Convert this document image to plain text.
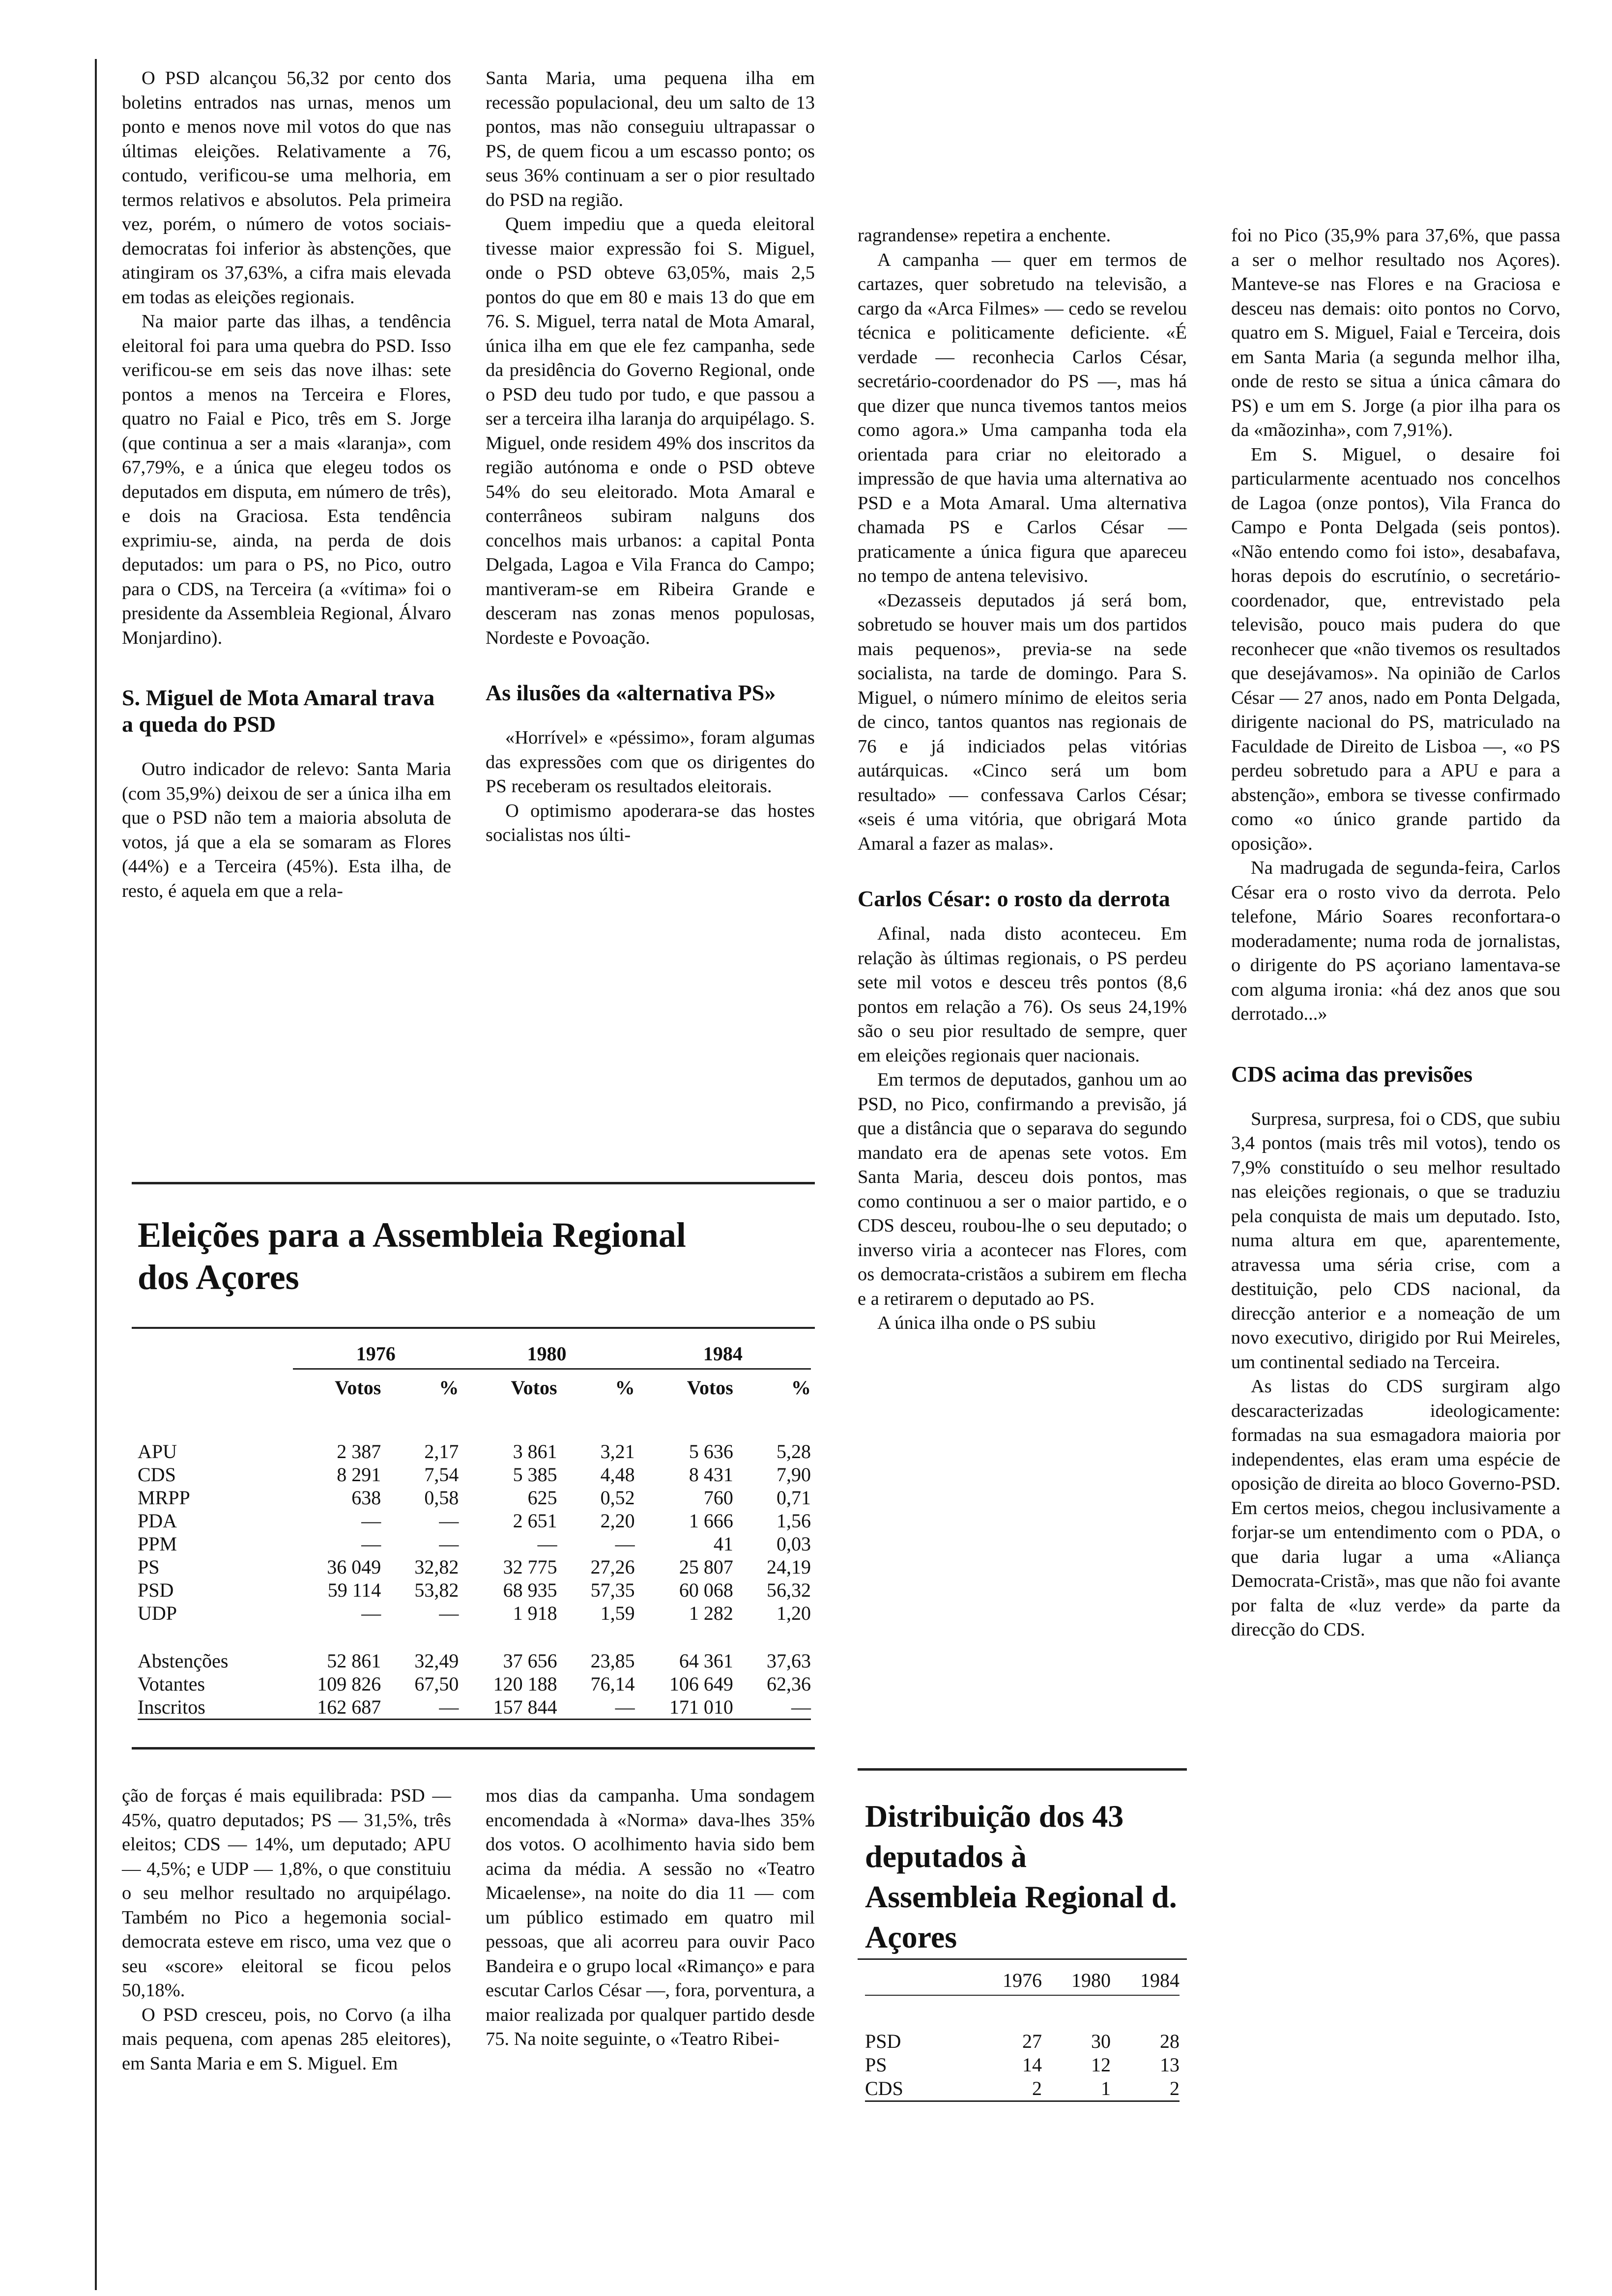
O PSD alcançou 56,32 por cento dos boletins entrados nas urnas, menos um ponto e menos nove mil votos do que nas últimas eleições. Relativamente a 76, contudo, verificou-se uma melhoria, em termos relativos e absolutos. Pela primeira vez, porém, o número de votos sociais-democratas foi inferior às abstenções, que atingiram os 37,63%, a cifra mais elevada em todas as eleições regionais.

Na maior parte das ilhas, a tendência eleitoral foi para uma quebra do PSD. Isso verificou-se em seis das nove ilhas: sete pontos a menos na Terceira e Flores, quatro no Faial e Pico, três em S. Jorge (que continua a ser a mais «laranja», com 67,79%, e a única que elegeu todos os deputados em disputa, em número de três), e dois na Graciosa. Esta tendência exprimiu-se, ainda, na perda de dois deputados: um para o PS, no Pico, outro para o CDS, na Terceira (a «vítima» foi o presidente da Assembleia Regional, Álvaro Monjardino).

S. Miguel de Mota Amaral trava a queda do PSD

Outro indicador de relevo: Santa Maria (com 35,9%) deixou de ser a única ilha em que o PSD não tem a maioria absoluta de votos, já que a ela se somaram as Flores (44%) e a Terceira (45%). Esta ilha, de resto, é aquela em que a rela-

Santa Maria, uma pequena ilha em recessão populacional, deu um salto de 13 pontos, mas não conseguiu ultrapassar o PS, de quem ficou a um escasso ponto; os seus 36% continuam a ser o pior resultado do PSD na região.

Quem impediu que a queda eleitoral tivesse maior expressão foi S. Miguel, onde o PSD obteve 63,05%, mais 2,5 pontos do que em 80 e mais 13 do que em 76. S. Miguel, terra natal de Mota Amaral, única ilha em que ele fez campanha, sede da presidência do Governo Regional, onde o PSD deu tudo por tudo, e que passou a ser a terceira ilha laranja do arquipélago. S. Miguel, onde residem 49% dos inscritos da região autónoma e onde o PSD obteve 54% do seu eleitorado. Mota Amaral e conterrâneos subiram nalguns dos concelhos mais urbanos: a capital Ponta Delgada, Lagoa e Vila Franca do Campo; mantiveram-se em Ribeira Grande e desceram nas zonas menos populosas, Nordeste e Povoação.

As ilusões da «alternativa PS»

«Horrível» e «péssimo», foram algumas das expressões com que os dirigentes do PS receberam os resultados eleitorais.

O optimismo apoderara-se das hostes socialistas nos últi-

Eleições para a Assembleia Regional dos Açores
	1976		1980		1984	
	Votos	%	Votos	%	Votos	%

APU	2 387	2,17	3 861	3,21	5 636	5,28
CDS	8 291	7,54	5 385	4,48	8 431	7,90
MRPP	638	0,58	625	0,52	760	0,71
PDA	—	—	2 651	2,20	1 666	1,56
PPM	—	—	—	—	41	0,03
PS	36 049	32,82	32 775	27,26	25 807	24,19
PSD	59 114	53,82	68 935	57,35	60 068	56,32
UDP	—	—	1 918	1,59	1 282	1,20

Abstenções	52 861	32,49	37 656	23,85	64 361	37,63
Votantes	109 826	67,50	120 188	76,14	106 649	62,36
Inscritos	162 687	—	157 844	—	171 010	—

ção de forças é mais equilibrada: PSD — 45%, quatro deputados; PS — 31,5%, três eleitos; CDS — 14%, um deputado; APU — 4,5%; e UDP — 1,8%, o que constituiu o seu melhor resultado no arquipélago. Também no Pico a hegemonia social-democrata esteve em risco, uma vez que o seu «score» eleitoral se ficou pelos 50,18%.

O PSD cresceu, pois, no Corvo (a ilha mais pequena, com apenas 285 eleitores), em Santa Maria e em S. Miguel. Em

mos dias da campanha. Uma sondagem encomendada à «Norma» dava-lhes 35% dos votos. O acolhimento havia sido bem acima da média. A sessão no «Teatro Micaelense», na noite do dia 11 — com um público estimado em quatro mil pessoas, que ali acorreu para ouvir Paco Bandeira e o grupo local «Rimanço» e para escutar Carlos César —, fora, porventura, a maior realizada por qualquer partido desde 75. Na noite seguinte, o «Teatro Ribei-

ragrandense» repetira a enchente.

A campanha — quer em termos de cartazes, quer sobretudo na televisão, a cargo da «Arca Filmes» — cedo se revelou técnica e politicamente deficiente. «É verdade — reconhecia Carlos César, secretário-coordenador do PS —, mas há que dizer que nunca tivemos tantos meios como agora.» Uma campanha toda ela orientada para criar no eleitorado a impressão de que havia uma alternativa ao PSD e a Mota Amaral. Uma alternativa chamada PS e Carlos César — praticamente a única figura que apareceu no tempo de antena televisivo.

«Dezasseis deputados já será bom, sobretudo se houver mais um dos partidos mais pequenos», previa-se na sede socialista, na tarde de domingo. Para S. Miguel, o número mínimo de eleitos seria de cinco, tantos quantos nas regionais de 76 e já indiciados pelas vitórias autárquicas. «Cinco será um bom resultado» — confessava Carlos César; «seis é uma vitória, que obrigará Mota Amaral a fazer as malas».

Carlos César: o rosto da derrota

Afinal, nada disto aconteceu. Em relação às últimas regionais, o PS perdeu sete mil votos e desceu três pontos (8,6 pontos em relação a 76). Os seus 24,19% são o seu pior resultado de sempre, quer em eleições regionais quer nacionais.

Em termos de deputados, ganhou um ao PSD, no Pico, confirmando a previsão, já que a distância que o separava do segundo mandato era de apenas sete votos. Em Santa Maria, desceu dois pontos, mas como continuou a ser o maior partido, e o CDS desceu, roubou-lhe o seu deputado; o inverso viria a acontecer nas Flores, com os democrata-cristãos a subirem em flecha e a retirarem o deputado ao PS.

A única ilha onde o PS subiu

Distribuição dos 43 deputados à Assembleia Regional d. Açores
	1976	1980	1984

PSD	27	30	28
PS	14	12	13
CDS	2	1	2

foi no Pico (35,9% para 37,6%, que passa a ser o melhor resultado nos Açores). Manteve-se nas Flores e na Graciosa e desceu nas demais: oito pontos no Corvo, quatro em S. Miguel, Faial e Terceira, dois em Santa Maria (a segunda melhor ilha, onde de resto se situa a única câmara do PS) e um em S. Jorge (a pior ilha para os da «mãozinha», com 7,91%).

Em S. Miguel, o desaire foi particularmente acentuado nos concelhos de Lagoa (onze pontos), Vila Franca do Campo e Ponta Delgada (seis pontos). «Não entendo como foi isto», desabafava, horas depois do escrutínio, o secretário-coordenador, que, entrevistado pela televisão, pouco mais pudera do que reconhecer que «não tivemos os resultados que desejávamos». Na opinião de Carlos César — 27 anos, nado em Ponta Delgada, dirigente nacional do PS, matriculado na Faculdade de Direito de Lisboa —, «o PS perdeu sobretudo para a APU e para a abstenção», embora se tivesse confirmado como «o único grande partido da oposição».

Na madrugada de segunda-feira, Carlos César era o rosto vivo da derrota. Pelo telefone, Mário Soares reconfortara-o moderadamente; numa roda de jornalistas, o dirigente do PS açoriano lamentava-se com alguma ironia: «há dez anos que sou derrotado...»

CDS acima das previsões

Surpresa, surpresa, foi o CDS, que subiu 3,4 pontos (mais três mil votos), tendo os 7,9% constituído o seu melhor resultado nas eleições regionais, o que se traduziu pela conquista de mais um deputado. Isto, numa altura em que, aparentemente, atravessa uma séria crise, com a destituição, pelo CDS nacional, da direcção anterior e a nomeação de um novo executivo, dirigido por Rui Meireles, um continental sediado na Terceira.

As listas do CDS surgiram algo descaracterizadas ideologicamente: formadas na sua esmagadora maioria por independentes, elas eram uma espécie de oposição de direita ao bloco Governo-PSD. Em certos meios, chegou inclusivamente a forjar-se um entendimento com o PDA, o que daria lugar a uma «Aliança Democrata-Cristã», mas que não foi avante por falta de «luz verde» da parte da direcção do CDS.
